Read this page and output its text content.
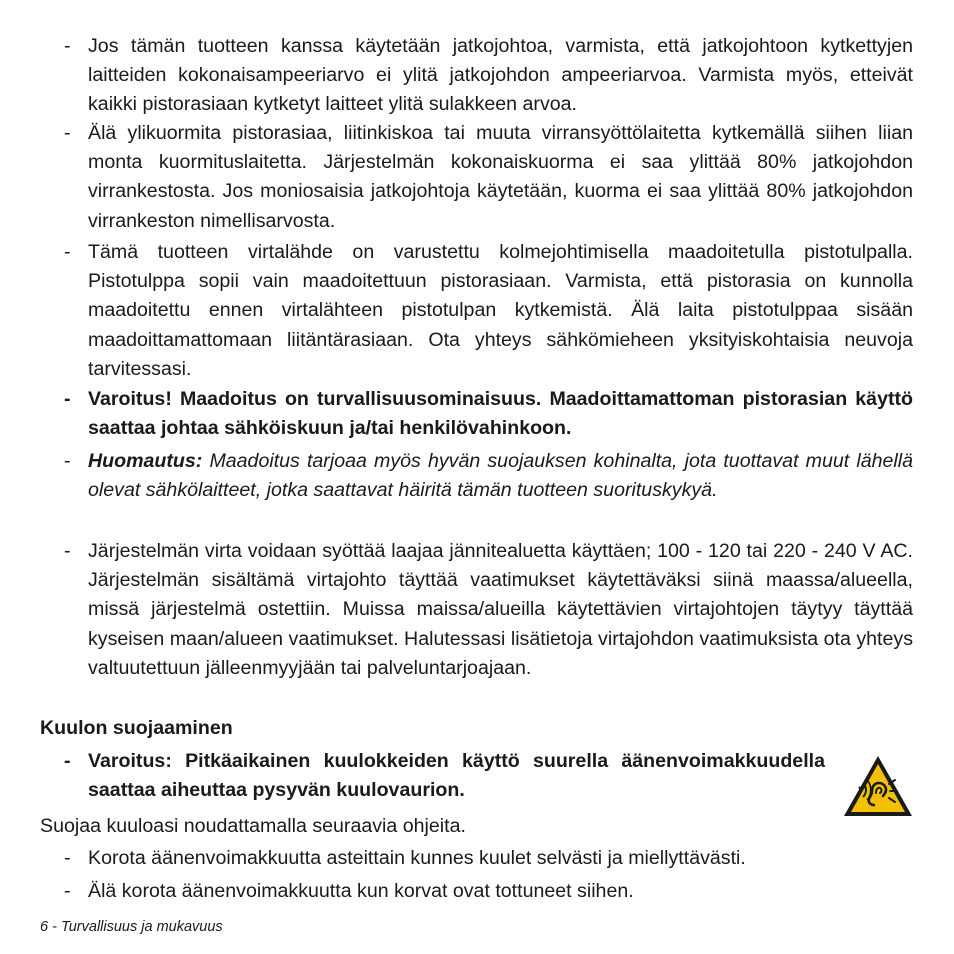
- Jos tämän tuotteen kanssa käytetään jatkojohtoa, varmista, että jatkojohtoon kytkettyjen laitteiden kokonaisampeeriarvo ei ylitä jatkojohdon ampeeriarvoa. Varmista myös, etteivät kaikki pistorasiaan kytketyt laitteet ylitä sulakkeen arvoa.
- Älä ylikuormita pistorasiaa, liitinkiskoa tai muuta virransyöttölaitetta kytkemällä siihen liian monta kuormituslaitetta. Järjestelmän kokonaiskuorma ei saa ylittää 80% jatkojohdon virrankestosta. Jos moniosaisia jatkojohtoja käytetään, kuorma ei saa ylittää 80% jatkojohdon virrankeston nimellisarvosta.
- Tämä tuotteen virtalähde on varustettu kolmejohtimisella maadoitetulla pistotulpalla. Pistotulppa sopii vain maadoitettuun pistorasiaan. Varmista, että pistorasia on kunnolla maadoitettu ennen virtalähteen pistotulpan kytkemistä. Älä laita pistotulppaa sisään maadoittamattomaan liitäntärasiaan. Ota yhteys sähkömieheen yksityiskohtaisia neuvoja tarvitessasi.
- Varoitus! Maadoitus on turvallisuusominaisuus. Maadoittamattoman pistorasian käyttö saattaa johtaa sähköiskuun ja/tai henkilövahinkoon.
- Huomautus: Maadoitus tarjoaa myös hyvän suojauksen kohinalta, jota tuottavat muut lähellä olevat sähkölaitteet, jotka saattavat häiritä tämän tuotteen suorituskykyä.
- Järjestelmän virta voidaan syöttää laajaa jännitealuetta käyttäen; 100 - 120 tai 220 - 240 V AC. Järjestelmän sisältämä virtajohto täyttää vaatimukset käytettäväksi siinä maassa/alueella, missä järjestelmä ostettiin. Muissa maissa/alueilla käytettävien virtajohtojen täytyy täyttää kyseisen maan/alueen vaatimukset. Halutessasi lisätietoja virtajohdon vaatimuksista ota yhteys valtuutettuun jälleenmyyjään tai palveluntarjoajaan.
Kuulon suojaaminen
- Varoitus: Pitkäaikainen kuulokkeiden käyttö suurella äänenvoimakkuudella saattaa aiheuttaa pysyvän kuulovaurion.
Suojaa kuuloasi noudattamalla seuraavia ohjeita.
- Korota äänenvoimakkuutta asteittain kunnes kuulet selvästi ja miellyttävästi.
- Älä korota äänenvoimakkuutta kun korvat ovat tottuneet siihen.
6 - Turvallisuus ja mukavuus
